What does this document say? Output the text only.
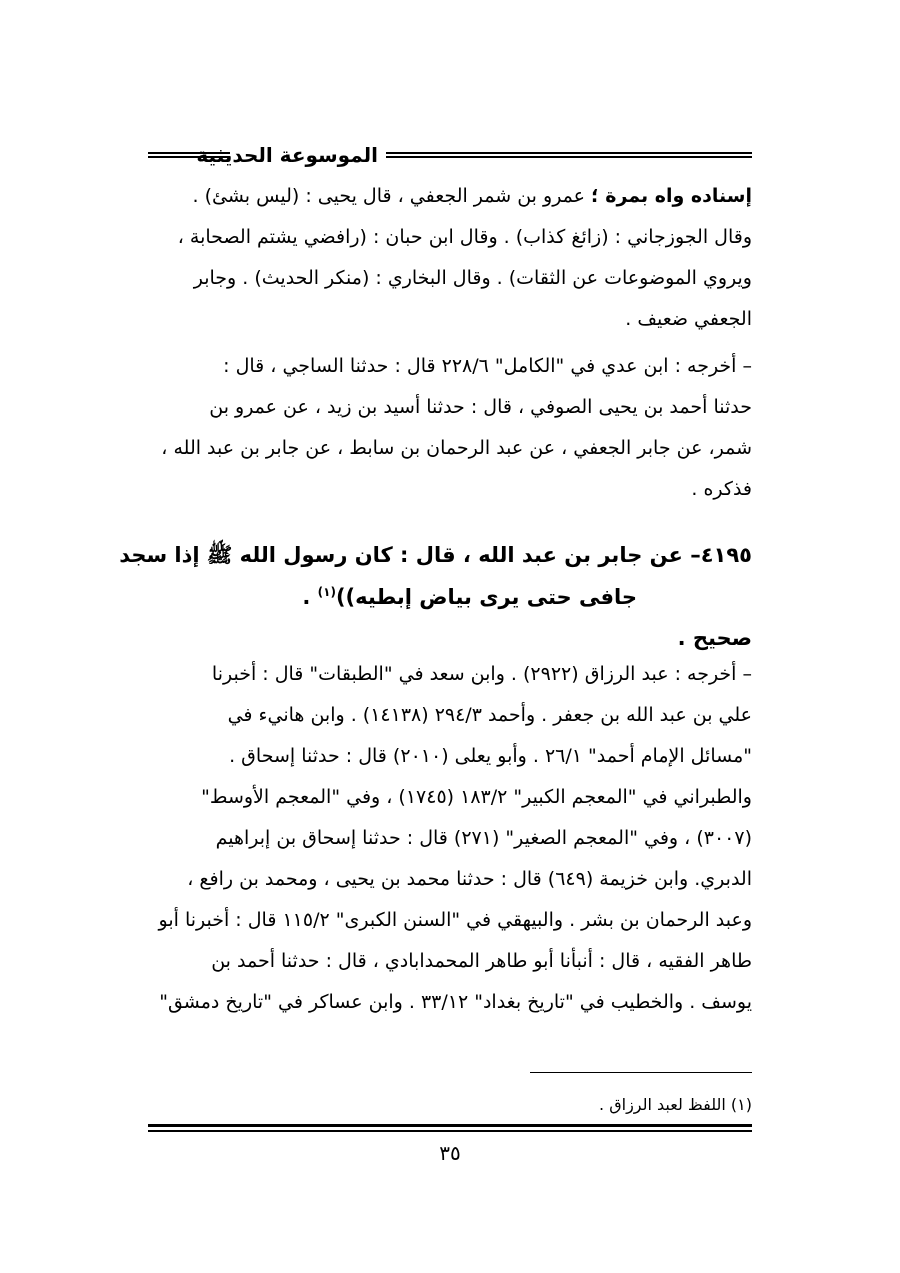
الموسوعة الحديثية
إسناده واه بمرة ؛ عمرو بن شمر الجعفي ، قال يحيى : (ليس بشئ) .
وقال الجوزجاني : (زائغ كذاب) . وقال ابن حبان : (رافضي يشتم الصحابة ،
ويروي الموضوعات عن الثقات) . وقال البخاري : (منكر الحديث) . وجابر
الجعفي ضعيف .
– أخرجه : ابن عدي في "الكامل" ٢٢٨/٦ قال : حدثنا الساجي ، قال :
حدثنا أحمد بن يحيى الصوفي ، قال : حدثنا أسيد بن زيد ، عن عمرو بن
شمر، عن جابر الجعفي ، عن عبد الرحمان بن سابط ، عن جابر بن عبد الله ،
فذكره .
٤١٩٥– عن جابر بن عبد الله ، قال : كان رسول الله ﷺ إذا سجد
جافى حتى يرى بياض إبطيه))$^{(١)}$ .
صحيح .
– أخرجه : عبد الرزاق (٢٩٢٢) . وابن سعد في "الطبقات" قال : أخبرنا
علي بن عبد الله بن جعفر . وأحمد ٢٩٤/٣ (١٤١٣٨) . وابن هانيء في
"مسائل الإمام أحمد" ٢٦/١ . وأبو يعلى (٢٠١٠) قال : حدثنا إسحاق .
والطبراني في "المعجم الكبير" ١٨٣/٢ (١٧٤٥) ، وفي "المعجم الأوسط"
(٣٠٠٧) ، وفي "المعجم الصغير" (٢٧١) قال : حدثنا إسحاق بن إبراهيم
الدبري. وابن خزيمة (٦٤٩) قال : حدثنا محمد بن يحيى ، ومحمد بن رافع ،
وعبد الرحمان بن بشر . والبيهقي في "السنن الكبرى" ١١٥/٢ قال : أخبرنا أبو
طاهر الفقيه ، قال : أنبأنا أبو طاهر المحمدابادي ، قال : حدثنا أحمد بن
يوسف . والخطيب في "تاريخ بغداد" ٣٣/١٢ . وابن عساكر في "تاريخ دمشق"
(١) اللفظ لعبد الرزاق .
٣٥
